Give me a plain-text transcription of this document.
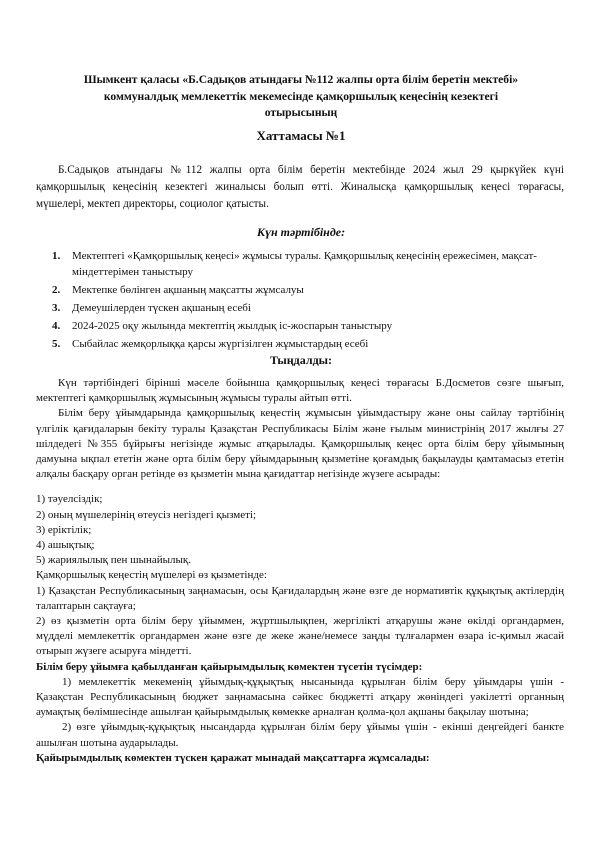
Шымкент қаласы «Б.Садықов атындағы №112 жалпы орта білім беретін мектебі»
коммуналдық мемлекеттік мекемесінде қамқоршылық кеңесінің кезектегі
отырысының
Хаттамасы №1

Б.Садықов атындағы №112 жалпы орта білім беретін мектебінде 2024 жыл 29 қыркүйек күні қамқоршылық кеңесінің кезектегі жиналысы болып өтті. Жиналысқа қамқоршылық кеңесі төрағасы, мүшелері, мектеп директоры, социолог қатысты.

Күн тәртібінде:
1. Мектептегі «Қамқоршылық кеңесі» жұмысы туралы. Қамқоршылық кеңесінің ережесімен, мақсат-міндеттерімен таныстыру
2. Мектепке бөлінген ақшаның мақсатты жұмсалуы
3. Демеушілерден түскен ақшаның есебі
4. 2024-2025 оқу жылында мектептің жылдық іс-жоспарын таныстыру
5. Сыбайлас жемқорлыққа қарсы жүргізілген жұмыстардың есебі
Тыңдалды:

Күн тәртібіндегі бірінші мәселе бойынша қамқоршылық кеңесі төрағасы Б.Досметов сөзге шығып, мектептегі қамқоршылық жұмысының жұмысы туралы айтып өтті.

Білім беру ұйымдарында қамқоршылық кеңестің жұмысын ұйымдастыру және оны сайлау тәртібінің үлгілік қағидаларын бекіту туралы Қазақстан Республикасы Білім және ғылым министрінің 2017 жылғы 27 шілдедегі №355 бұйрығы негізінде жұмыс атқарылады. Қамқоршылық кеңес орта білім беру ұйымының дамуына ықпал ететін және орта білім беру ұйымдарының қызметіне қоғамдық бақылауды қамтамасыз ететін алқалы басқару орган ретінде өз қызметін мына қағидаттар негізінде жүзеге асырады:

1) тәуелсіздік;

2) оның мүшелерінің өтеусіз негіздегі қызметі;

3) еріктілік;

4) ашықтық;

5) жариялылық пен шынайылық.

Қамқоршылық кеңестің мүшелері өз қызметінде:

1) Қазақстан Республикасының заңнамасын, осы Қағидалардың және өзге де нормативтік құқықтық актілердің талаптарын сақтауға;

2) өз қызметін орта білім беру ұйыммен, жұртшылықпен, жергілікті атқарушы және өкілді органдармен, мүдделі мемлекеттік органдармен және өзге де жеке және/немесе заңды тұлғалармен өзара іс-қимыл жасай отырып жүзеге асыруға міндетті.

Білім беру ұйымға қабылданған қайырымдылық көмектен түсетін түсімдер:

1) мемлекеттік мекеменің ұйымдық-құқықтық нысанында құрылған білім беру ұйымдары үшін - Қазақстан Республикасының бюджет заңнамасына сәйкес бюджетті атқару жөніндегі уәкілетті органның аумақтық бөлімшесінде ашылған қайырымдылық көмекке арналған қолма-қол ақшаны бақылау шотына;

2) өзге ұйымдық-құқықтық нысандарда құрылған білім беру ұйымы үшін - екінші деңгейдегі банкте ашылған шотына аударылады.

Қайырымдылық көмектен түскен қаражат мынадай мақсаттарға жұмсалады:
